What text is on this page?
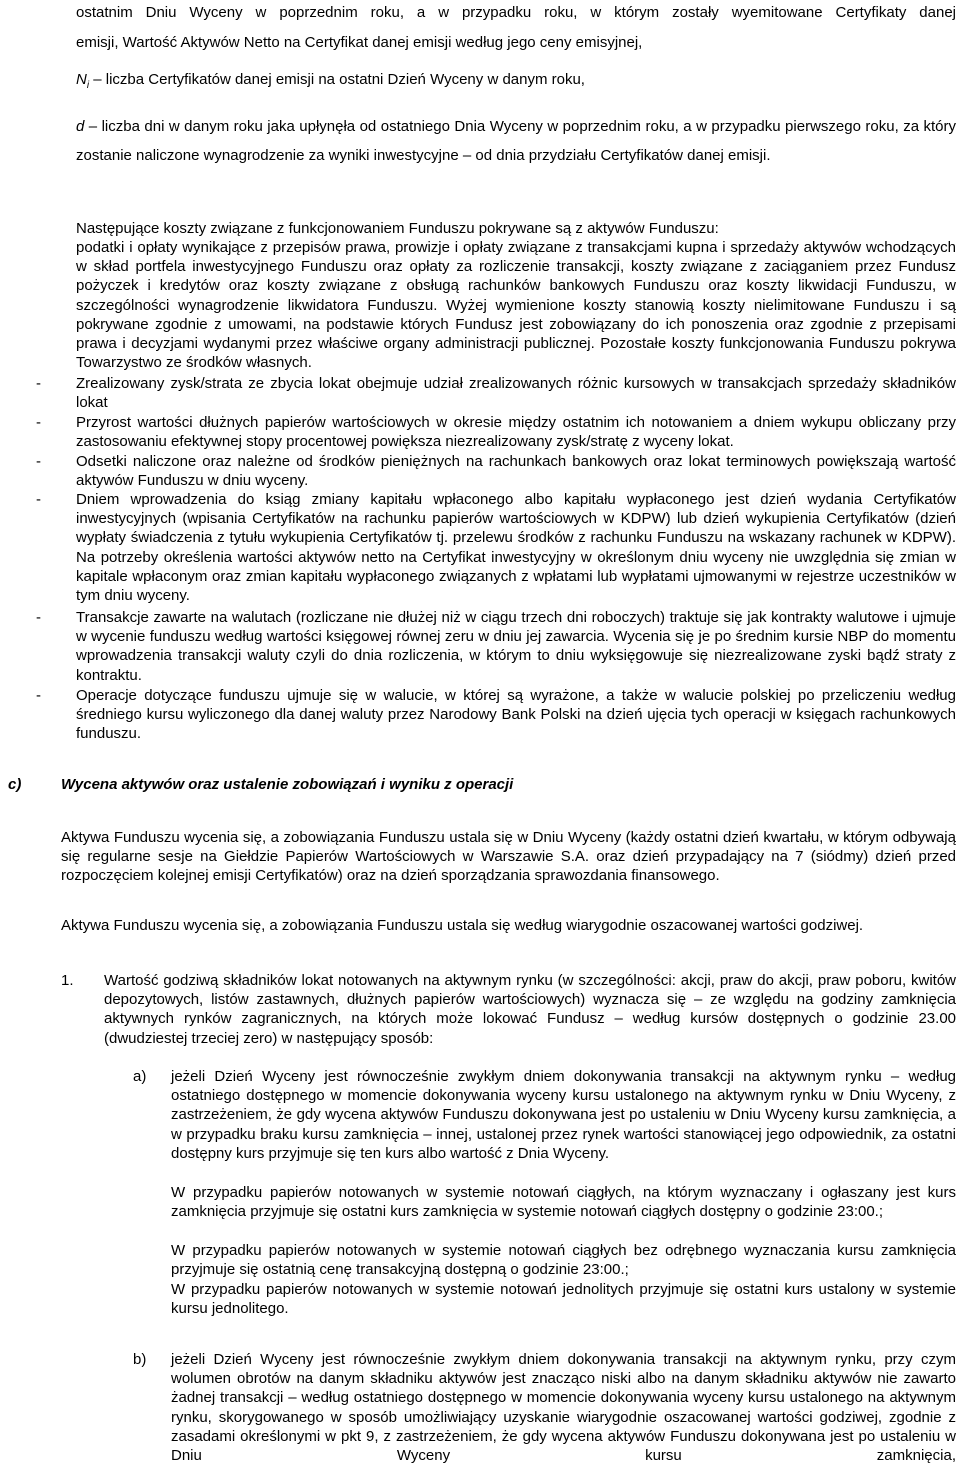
ostatnim Dniu Wyceny w poprzednim roku, a w przypadku roku, w którym zostały wyemitowane Certyfikaty danej
emisji, Wartość Aktywów Netto na Certyfikat danej emisji według jego ceny emisyjnej,
$N_i$ – liczba Certyfikatów danej emisji na ostatni Dzień Wyceny w danym roku,
d – liczba dni w danym roku jaka upłynęła od ostatniego Dnia Wyceny w poprzednim roku, a w przypadku pierwszego roku, za który zostanie naliczone wynagrodzenie za wyniki inwestycyjne – od dnia przydziału Certyfikatów danej emisji.
Następujące koszty związane z funkcjonowaniem Funduszu pokrywane są z aktywów Funduszu:
podatki i opłaty wynikające z przepisów prawa, prowizje i opłaty związane z transakcjami kupna i sprzedaży aktywów wchodzących w skład portfela inwestycyjnego Funduszu oraz opłaty za rozliczenie transakcji, koszty związane z zaciąganiem przez Fundusz pożyczek i kredytów oraz koszty związane z obsługą rachunków bankowych Funduszu oraz koszty likwidacji Funduszu, w szczególności wynagrodzenie likwidatora Funduszu. Wyżej wymienione koszty stanowią koszty nielimitowane Funduszu i są pokrywane zgodnie z umowami, na podstawie których Fundusz jest zobowiązany do ich ponoszenia oraz zgodnie z przepisami prawa i decyzjami wydanymi przez właściwe organy administracji publicznej. Pozostałe koszty funkcjonowania Funduszu pokrywa Towarzystwo ze środków własnych.
- Zrealizowany zysk/strata ze zbycia lokat obejmuje udział zrealizowanych różnic kursowych w transakcjach sprzedaży składników lokat
- Przyrost wartości dłużnych papierów wartościowych w okresie między ostatnim ich notowaniem a dniem wykupu obliczany przy zastosowaniu efektywnej stopy procentowej powiększa niezrealizowany zysk/stratę z wyceny lokat.
- Odsetki naliczone oraz należne od środków pieniężnych na rachunkach bankowych oraz lokat terminowych powiększają wartość aktywów Funduszu w dniu wyceny.
- Dniem wprowadzenia do ksiąg zmiany kapitału wpłaconego albo kapitału wypłaconego jest dzień wydania Certyfikatów inwestycyjnych (wpisania Certyfikatów na rachunku papierów wartościowych w KDPW) lub dzień wykupienia Certyfikatów (dzień wypłaty świadczenia z tytułu wykupienia Certyfikatów tj. przelewu środków z rachunku Funduszu na wskazany rachunek w KDPW). Na potrzeby określenia wartości aktywów netto na Certyfikat inwestycyjny w określonym dniu wyceny nie uwzględnia się zmian w kapitale wpłaconym oraz zmian kapitału wypłaconego związanych z wpłatami lub wypłatami ujmowanymi w rejestrze uczestników w tym dniu wyceny.
- Transakcje zawarte na walutach (rozliczane nie dłużej niż w ciągu trzech dni roboczych) traktuje się jak kontrakty walutowe i ujmuje w wycenie funduszu według wartości księgowej równej zeru w dniu jej zawarcia. Wycenia się je po średnim kursie NBP do momentu wprowadzenia transakcji waluty czyli do dnia rozliczenia, w którym to dniu wyksięgowuje się niezrealizowane zyski bądź straty z kontraktu.
- Operacje dotyczące funduszu ujmuje się w walucie, w której są wyrażone, a także w walucie polskiej po przeliczeniu według średniego kursu wyliczonego dla danej waluty przez Narodowy Bank Polski na dzień ujęcia tych operacji w księgach rachunkowych funduszu.
c)	Wycena aktywów oraz ustalenie zobowiązań i wyniku z operacji
Aktywa Funduszu wycenia się, a zobowiązania Funduszu ustala się w Dniu Wyceny (każdy ostatni dzień kwartału, w którym odbywają się regularne sesje na Giełdzie Papierów Wartościowych w Warszawie S.A. oraz dzień przypadający na 7 (siódmy) dzień przed rozpoczęciem kolejnej emisji Certyfikatów) oraz na dzień sporządzania sprawozdania finansowego.
Aktywa Funduszu wycenia się, a zobowiązania Funduszu ustala się według wiarygodnie oszacowanej wartości godziwej.
1. Wartość godziwą składników lokat notowanych na aktywnym rynku (w szczególności: akcji, praw do akcji, praw poboru, kwitów depozytowych, listów zastawnych, dłużnych papierów wartościowych) wyznacza się – ze względu na godziny zamknięcia aktywnych rynków zagranicznych, na których może lokować Fundusz – według kursów dostępnych o godzinie 23.00 (dwudziestej trzeciej zero) w następujący sposób:
a) jeżeli Dzień Wyceny jest równocześnie zwykłym dniem dokonywania transakcji na aktywnym rynku – według ostatniego dostępnego w momencie dokonywania wyceny kursu ustalonego na aktywnym rynku w Dniu Wyceny, z zastrzeżeniem, że gdy wycena aktywów Funduszu dokonywana jest po ustaleniu w Dniu Wyceny kursu zamknięcia, a w przypadku braku kursu zamknięcia – innej, ustalonej przez rynek wartości stanowiącej jego odpowiednik, za ostatni dostępny kurs przyjmuje się ten kurs albo wartość z Dnia Wyceny.
W przypadku papierów notowanych w systemie notowań ciągłych, na którym wyznaczany i ogłaszany jest kurs zamknięcia przyjmuje się ostatni kurs zamknięcia w systemie notowań ciągłych dostępny o godzinie 23:00.;
W przypadku papierów notowanych w systemie notowań ciągłych bez odrębnego wyznaczania kursu zamknięcia przyjmuje się ostatnią cenę transakcyjną dostępną o godzinie 23:00.;
W przypadku papierów notowanych w systemie notowań jednolitych przyjmuje się ostatni kurs ustalony w systemie kursu jednolitego.
b) jeżeli Dzień Wyceny jest równocześnie zwykłym dniem dokonywania transakcji na aktywnym rynku, przy czym wolumen obrotów na danym składniku aktywów jest znacząco niski albo na danym składniku aktywów nie zawarto żadnej transakcji – według ostatniego dostępnego w momencie dokonywania wyceny kursu ustalonego na aktywnym rynku, skorygowanego w sposób umożliwiający uzyskanie wiarygodnie oszacowanej wartości godziwej, zgodnie z zasadami określonymi w pkt 9, z zastrzeżeniem, że gdy wycena aktywów Funduszu dokonywana jest po ustaleniu w Dniu Wyceny kursu zamknięcia,
